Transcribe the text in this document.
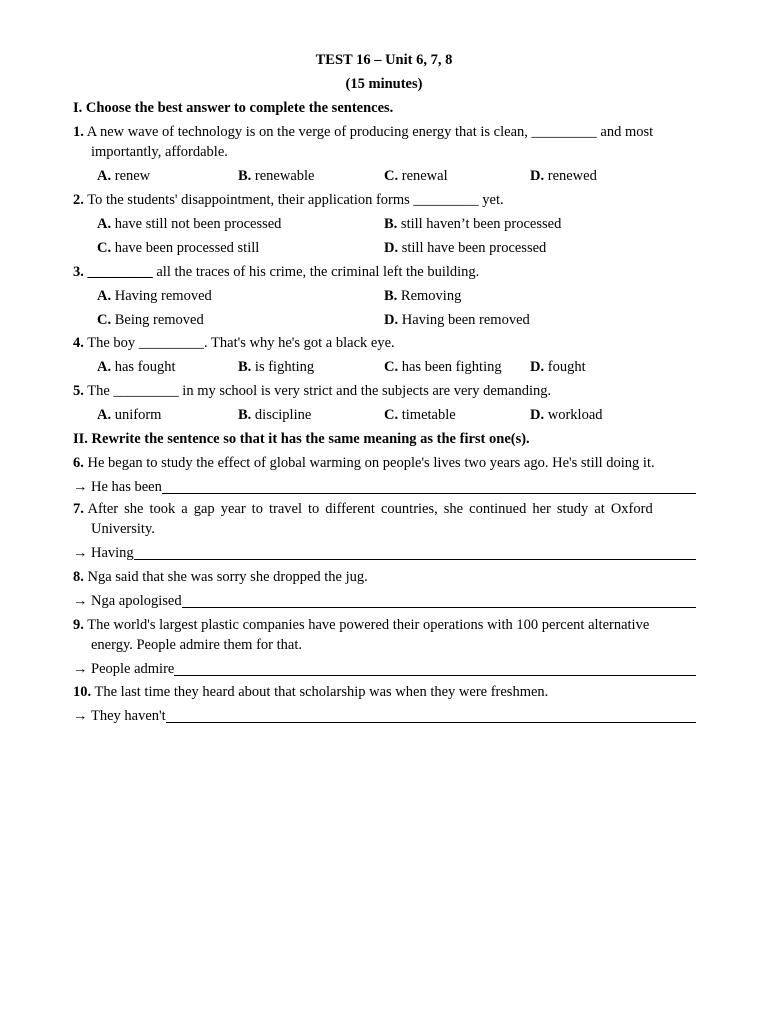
TEST 16 – Unit 6, 7, 8
(15 minutes)
I. Choose the best answer to complete the sentences.
1. A new wave of technology is on the verge of producing energy that is clean, _________ and most
importantly, affordable.
A. renew	B. renewable	C. renewal	D. renewed
2. To the students' disappointment, their application forms _________ yet.
A. have still not been processed	B. still haven’t been processed
C. have been processed still	D. still have been processed
3. _________ all the traces of his crime, the criminal left the building.
A. Having removed	B. Removing
C. Being removed	D. Having been removed
4. The boy _________. That's why he's got a black eye.
A. has fought	B. is fighting	C. has been fighting D. fought
5. The _________ in my school is very strict and the subjects are very demanding.
A. uniform	B. discipline	C. timetable	D. workload
II. Rewrite the sentence so that it has the same meaning as the first one(s).
6. He began to study the effect of global warming on people's lives two years ago. He's still doing it.
→ He has been
7. After she took a gap year to travel to different countries, she continued her study at Oxford
University.
→ Having
8. Nga said that she was sorry she dropped the jug.
→ Nga apologised
9. The world's largest plastic companies have powered their operations with 100 percent alternative
energy. People admire them for that.
→ People admire
10. The last time they heard about that scholarship was when they were freshmen.
→ They haven't
